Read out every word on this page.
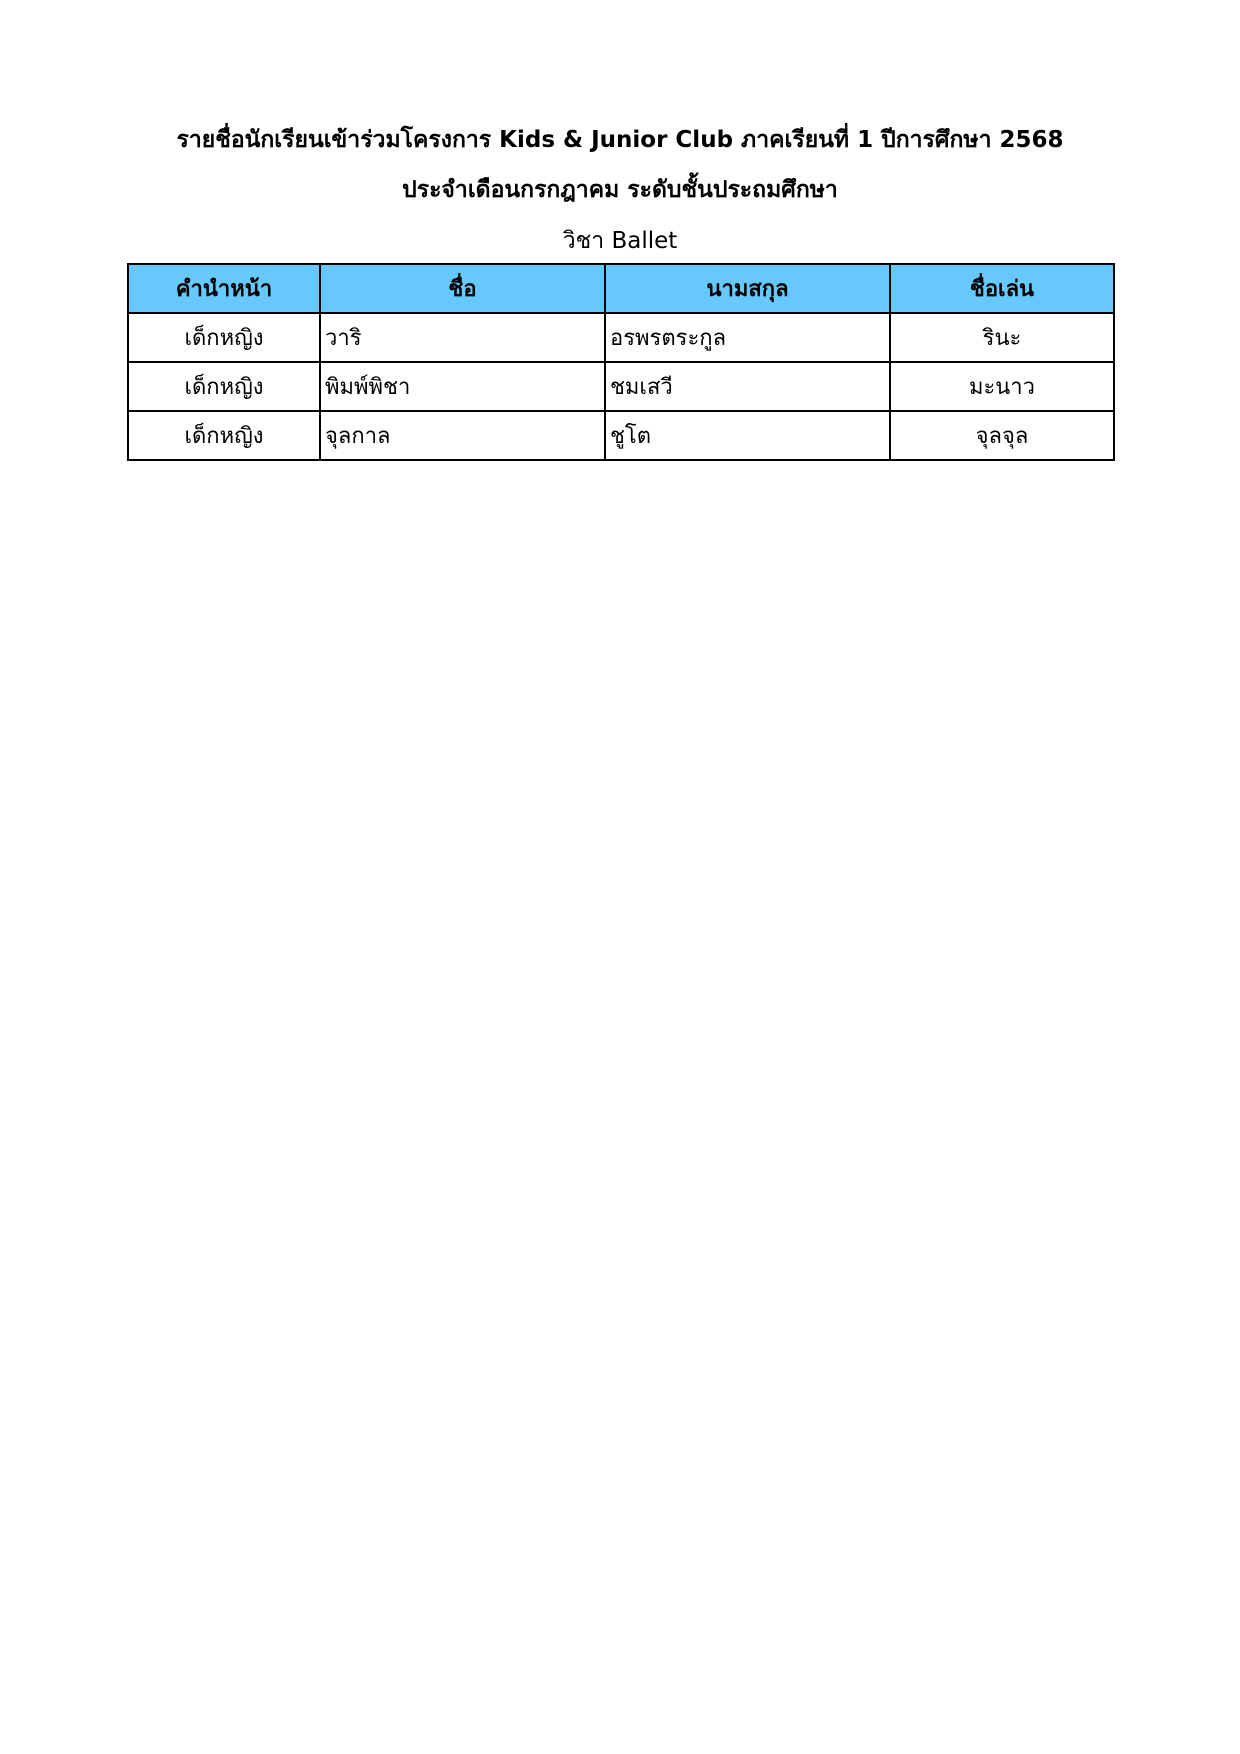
รายชื่อนักเรียนเข้าร่วมโครงการ Kids & Junior Club ภาคเรียนที่ 1 ปีการศึกษา 2568
ประจำเดือนกรกฎาคม ระดับชั้นประถมศึกษา
วิชา Ballet
คำนำหน้า	ชื่อ	นามสกุล	ชื่อเล่น
เด็กหญิง	วาริ	อรพรตระกูล	รินะ
เด็กหญิง	พิมพ์พิชา	ชมเสวี	มะนาว
เด็กหญิง	จุลกาล	ชูโต	จุลจุล
